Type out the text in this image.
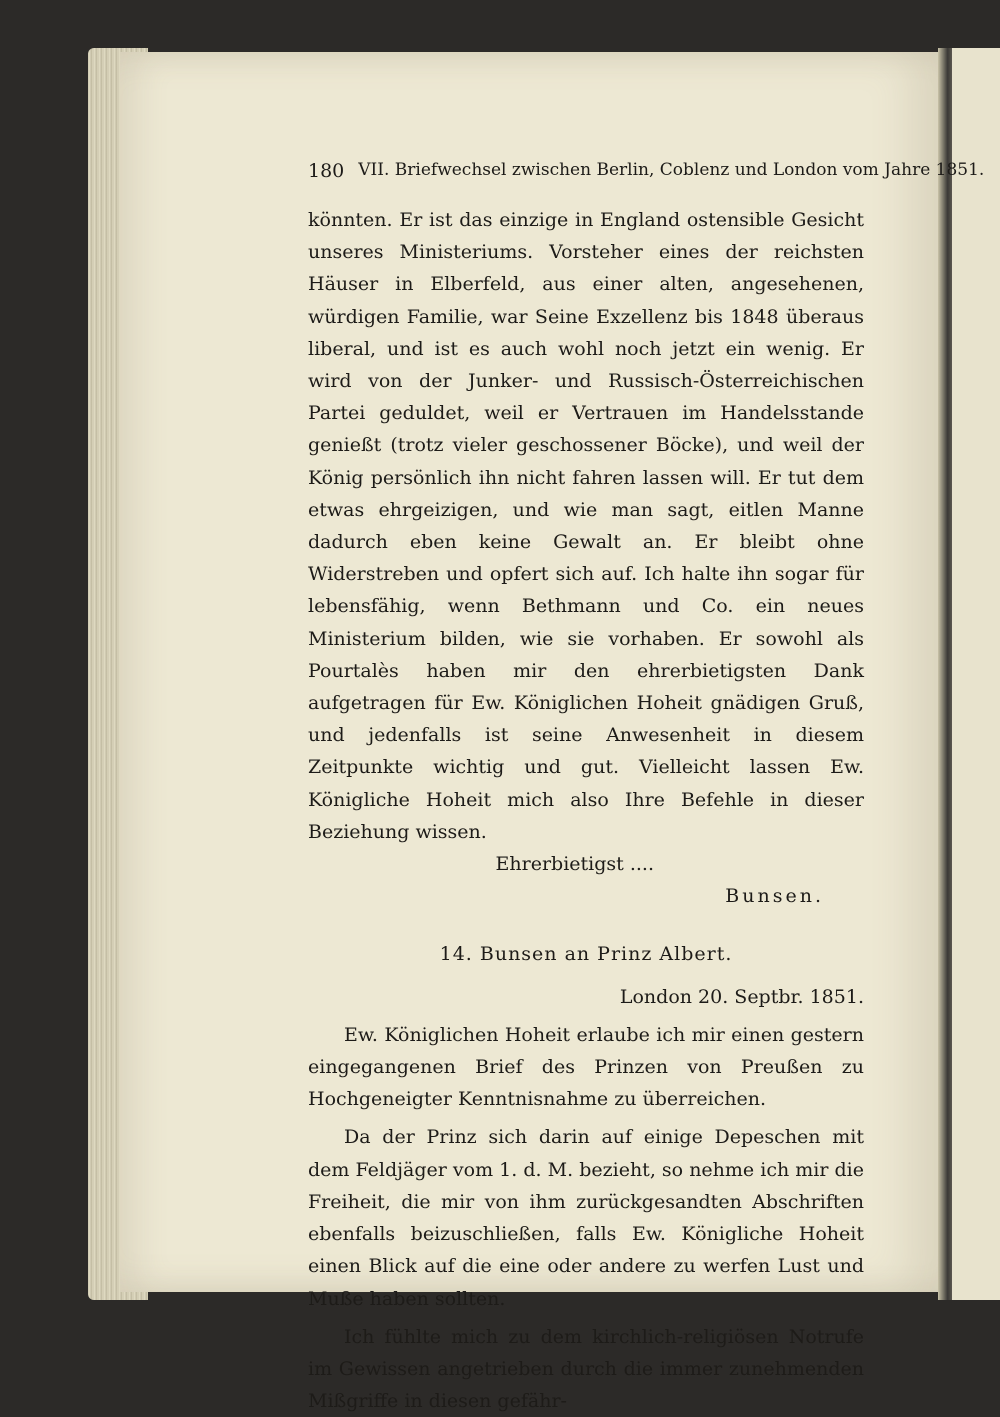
180 VII. Briefwechsel zwischen Berlin, Coblenz und London vom Jahre 1851.

könnten. Er ist das einzige in England ostensible Gesicht unseres Ministeriums. Vorsteher eines der reichsten Häuser in Elberfeld, aus einer alten, angesehenen, würdigen Familie, war Seine Exzellenz bis 1848 überaus liberal, und ist es auch wohl noch jetzt ein wenig. Er wird von der Junker- und Russisch-Österreichischen Partei geduldet, weil er Vertrauen im Handelsstande genießt (trotz vieler geschossener Böcke), und weil der König persönlich ihn nicht fahren lassen will. Er tut dem etwas ehrgeizigen, und wie man sagt, eitlen Manne dadurch eben keine Gewalt an. Er bleibt ohne Widerstreben und opfert sich auf. Ich halte ihn sogar für lebensfähig, wenn Bethmann und Co. ein neues Ministerium bilden, wie sie vorhaben. Er sowohl als Pourtalès haben mir den ehrerbietigsten Dank aufgetragen für Ew. Königlichen Hoheit gnädigen Gruß, und jedenfalls ist seine Anwesenheit in diesem Zeitpunkte wichtig und gut. Vielleicht lassen Ew. Königliche Hoheit mich also Ihre Befehle in dieser Beziehung wissen.

Ehrerbietigst ....

Bunsen.

14. Bunsen an Prinz Albert.

London 20. Septbr. 1851.

Ew. Königlichen Hoheit erlaube ich mir einen gestern eingegangenen Brief des Prinzen von Preußen zu Hochgeneigter Kenntnisnahme zu überreichen.

Da der Prinz sich darin auf einige Depeschen mit dem Feldjäger vom 1. d. M. bezieht, so nehme ich mir die Freiheit, die mir von ihm zurückgesandten Abschriften ebenfalls beizuschließen, falls Ew. Königliche Hoheit einen Blick auf die eine oder andere zu werfen Lust und Muße haben sollten.

Ich fühlte mich zu dem kirchlich-religiösen Notrufe im Gewissen angetrieben durch die immer zunehmenden Mißgriffe in diesen gefähr-
